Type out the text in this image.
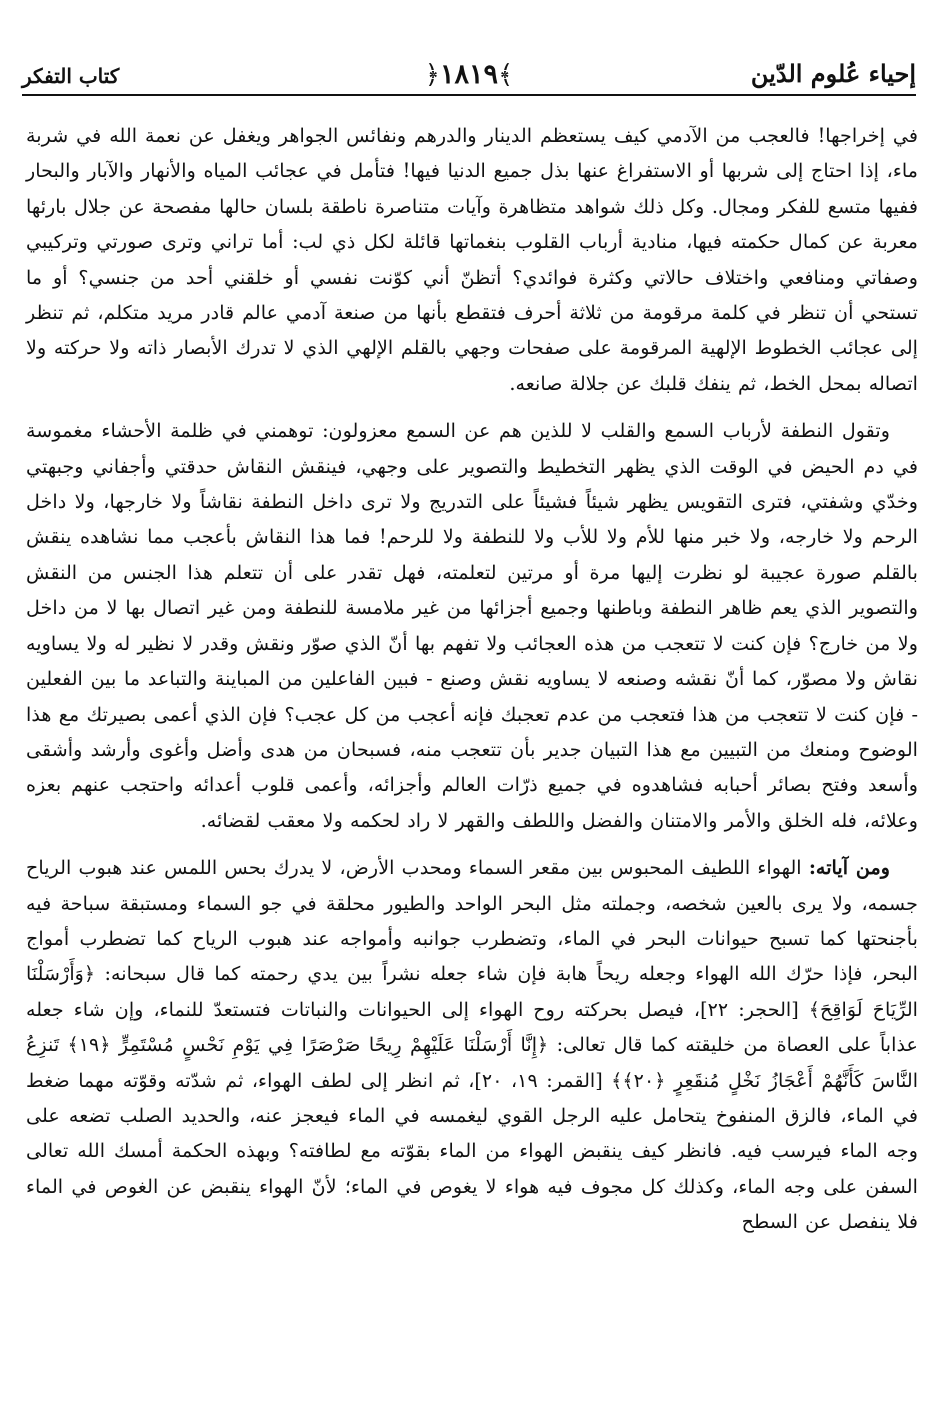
إحياء عُلوم الدّين
﴿١٨١٩﴾
كتاب التفكر

في إخراجها! فالعجب من الآدمي كيف يستعظم الدينار والدرهم ونفائس الجواهر ويغفل عن نعمة الله في شربة ماء، إذا احتاج إلى شربها أو الاستفراغ عنها بذل جميع الدنيا فيها! فتأمل في عجائب المياه والأنهار والآبار والبحار ففيها متسع للفكر ومجال. وكل ذلك شواهد متظاهرة وآيات متناصرة ناطقة بلسان حالها مفصحة عن جلال بارئها معربة عن كمال حكمته فيها، منادية أرباب القلوب بنغماتها قائلة لكل ذي لب: أما تراني وترى صورتي وتركيبي وصفاتي ومنافعي واختلاف حالاتي وكثرة فوائدي؟ أتظنّ أني كوّنت نفسي أو خلقني أحد من جنسي؟ أو ما تستحي أن تنظر في كلمة مرقومة من ثلاثة أحرف فتقطع بأنها من صنعة آدمي عالم قادر مريد متكلم، ثم تنظر إلى عجائب الخطوط الإلهية المرقومة على صفحات وجهي بالقلم الإلهي الذي لا تدرك الأبصار ذاته ولا حركته ولا اتصاله بمحل الخط، ثم ينفك قلبك عن جلالة صانعه.

وتقول النطفة لأرباب السمع والقلب لا للذين هم عن السمع معزولون: توهمني في ظلمة الأحشاء مغموسة في دم الحيض في الوقت الذي يظهر التخطيط والتصوير على وجهي، فينقش النقاش حدقتي وأجفاني وجبهتي وخدّي وشفتي، فترى التقويس يظهر شيئاً فشيئاً على التدريج ولا ترى داخل النطفة نقاشاً ولا خارجها، ولا داخل الرحم ولا خارجه، ولا خبر منها للأم ولا للأب ولا للنطفة ولا للرحم! فما هذا النقاش بأعجب مما نشاهده ينقش بالقلم صورة عجيبة لو نظرت إليها مرة أو مرتين لتعلمته، فهل تقدر على أن تتعلم هذا الجنس من النقش والتصوير الذي يعم ظاهر النطفة وباطنها وجميع أجزائها من غير ملامسة للنطفة ومن غير اتصال بها لا من داخل ولا من خارج؟ فإن كنت لا تتعجب من هذه العجائب ولا تفهم بها أنّ الذي صوّر ونقش وقدر لا نظير له ولا يساويه نقاش ولا مصوّر، كما أنّ نقشه وصنعه لا يساويه نقش وصنع - فبين الفاعلين من المباينة والتباعد ما بين الفعلين - فإن كنت لا تتعجب من هذا فتعجب من عدم تعجبك فإنه أعجب من كل عجب؟ فإن الذي أعمى بصيرتك مع هذا الوضوح ومنعك من التبيين مع هذا التبيان جدير بأن تتعجب منه، فسبحان من هدى وأضل وأغوى وأرشد وأشقى وأسعد وفتح بصائر أحبابه فشاهدوه في جميع ذرّات العالم وأجزائه، وأعمى قلوب أعدائه واحتجب عنهم بعزه وعلائه، فله الخلق والأمر والامتنان والفضل واللطف والقهر لا راد لحكمه ولا معقب لقضائه.

ومن آياته: الهواء اللطيف المحبوس بين مقعر السماء ومحدب الأرض، لا يدرك بحس اللمس عند هبوب الرياح جسمه، ولا يرى بالعين شخصه، وجملته مثل البحر الواحد والطيور محلقة في جو السماء ومستبقة سباحة فيه بأجنحتها كما تسبح حيوانات البحر في الماء، وتضطرب جوانبه وأمواجه عند هبوب الرياح كما تضطرب أمواج البحر، فإذا حرّك الله الهواء وجعله ريحاً هابة فإن شاء جعله نشراً بين يدي رحمته كما قال سبحانه: ﴿وَأَرْسَلْنَا الرِّيَاحَ لَوَاقِحَ﴾ [الحجر: ٢٢]، فيصل بحركته روح الهواء إلى الحيوانات والنباتات فتستعدّ للنماء، وإن شاء جعله عذاباً على العصاة من خليقته كما قال تعالى: ﴿إِنَّا أَرْسَلْنَا عَلَيْهِمْ رِيحًا صَرْصَرًا فِي يَوْمِ نَحْسٍ مُسْتَمِرٍّ ﴿١٩﴾ تَنزِعُ النَّاسَ كَأَنَّهُمْ أَعْجَازُ نَخْلٍ مُنقَعِرٍ ﴿٢٠﴾﴾ [القمر: ١٩، ٢٠]، ثم انظر إلى لطف الهواء، ثم شدّته وقوّته مهما ضغط في الماء، فالزق المنفوخ يتحامل عليه الرجل القوي ليغمسه في الماء فيعجز عنه، والحديد الصلب تضعه على وجه الماء فيرسب فيه. فانظر كيف ينقبض الهواء من الماء بقوّته مع لطافته؟ وبهذه الحكمة أمسك الله تعالى السفن على وجه الماء، وكذلك كل مجوف فيه هواء لا يغوص في الماء؛ لأنّ الهواء ينقبض عن الغوص في الماء فلا ينفصل عن السطح
